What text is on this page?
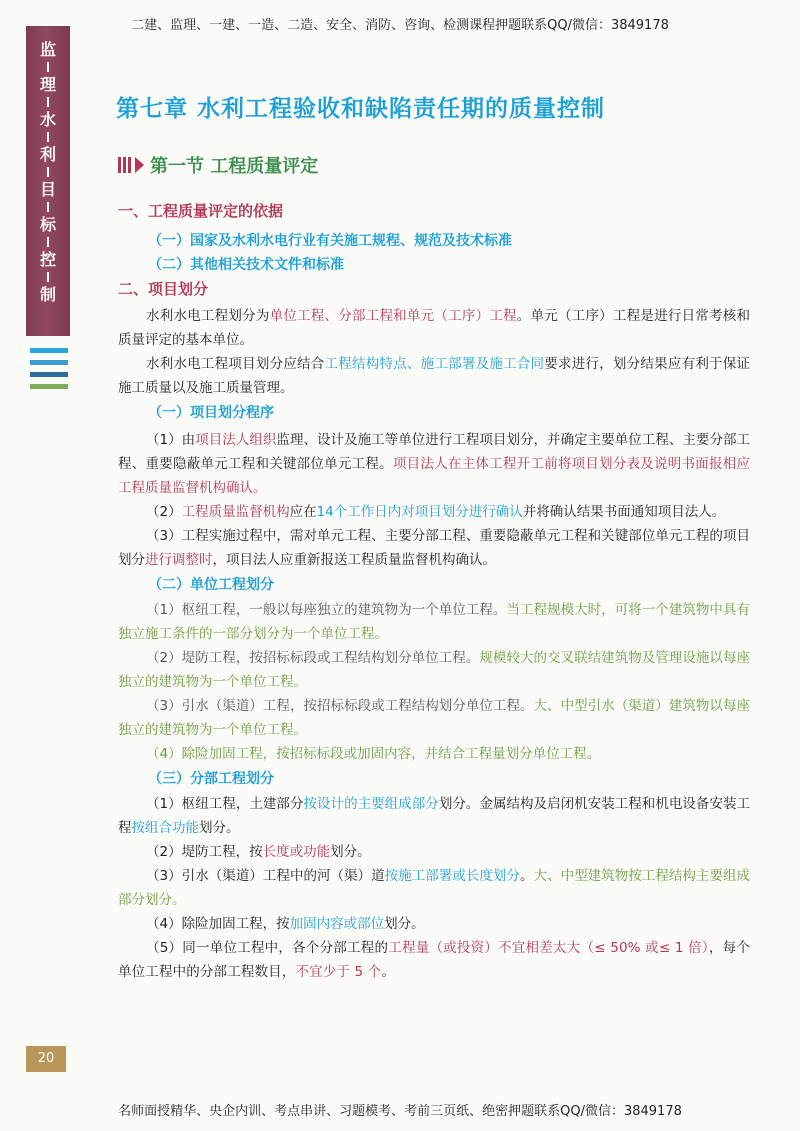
二建、监理、一建、一造、二造、安全、消防、咨询、检测课程押题联系QQ/微信：3849178
监
理
水
利
目
标
控
制
第七章 水利工程验收和缺陷责任期的质量控制
第一节 工程质量评定
一、工程质量评定的依据
（一）国家及水利水电行业有关施工规程、规范及技术标准
（二）其他相关技术文件和标准
二、项目划分
水利水电工程划分为单位工程、分部工程和单元（工序）工程。单元（工序）工程是进行日常考核和质量评定的基本单位。
水利水电工程项目划分应结合工程结构特点、施工部署及施工合同要求进行，划分结果应有利于保证施工质量以及施工质量管理。
（一）项目划分程序
（1）由项目法人组织监理、设计及施工等单位进行工程项目划分，并确定主要单位工程、主要分部工程、重要隐蔽单元工程和关键部位单元工程。项目法人在主体工程开工前将项目划分表及说明书面报相应工程质量监督机构确认。
（2）工程质量监督机构应在14个工作日内对项目划分进行确认并将确认结果书面通知项目法人。
（3）工程实施过程中，需对单元工程、主要分部工程、重要隐蔽单元工程和关键部位单元工程的项目划分进行调整时，项目法人应重新报送工程质量监督机构确认。
（二）单位工程划分
（1）枢纽工程，一般以每座独立的建筑物为一个单位工程。当工程规模大时，可将一个建筑物中具有独立施工条件的一部分划分为一个单位工程。
（2）堤防工程，按招标标段或工程结构划分单位工程。规模较大的交叉联结建筑物及管理设施以每座独立的建筑物为一个单位工程。
（3）引水（渠道）工程，按招标标段或工程结构划分单位工程。大、中型引水（渠道）建筑物以每座独立的建筑物为一个单位工程。
（4）除险加固工程，按招标标段或加固内容，并结合工程量划分单位工程。
（三）分部工程划分
（1）枢纽工程，土建部分按设计的主要组成部分划分。金属结构及启闭机安装工程和机电设备安装工程按组合功能划分。
（2）堤防工程，按长度或功能划分。
（3）引水（渠道）工程中的河（渠）道按施工部署或长度划分。大、中型建筑物按工程结构主要组成部分划分。
（4）除险加固工程，按加固内容或部位划分。
（5）同一单位工程中，各个分部工程的工程量（或投资）不宜相差太大（≤ 50% 或≤ 1 倍），每个单位工程中的分部工程数目，不宜少于 5 个。
20
名师面授精华、央企内训、考点串讲、习题模考、考前三页纸、绝密押题联系QQ/微信：3849178
